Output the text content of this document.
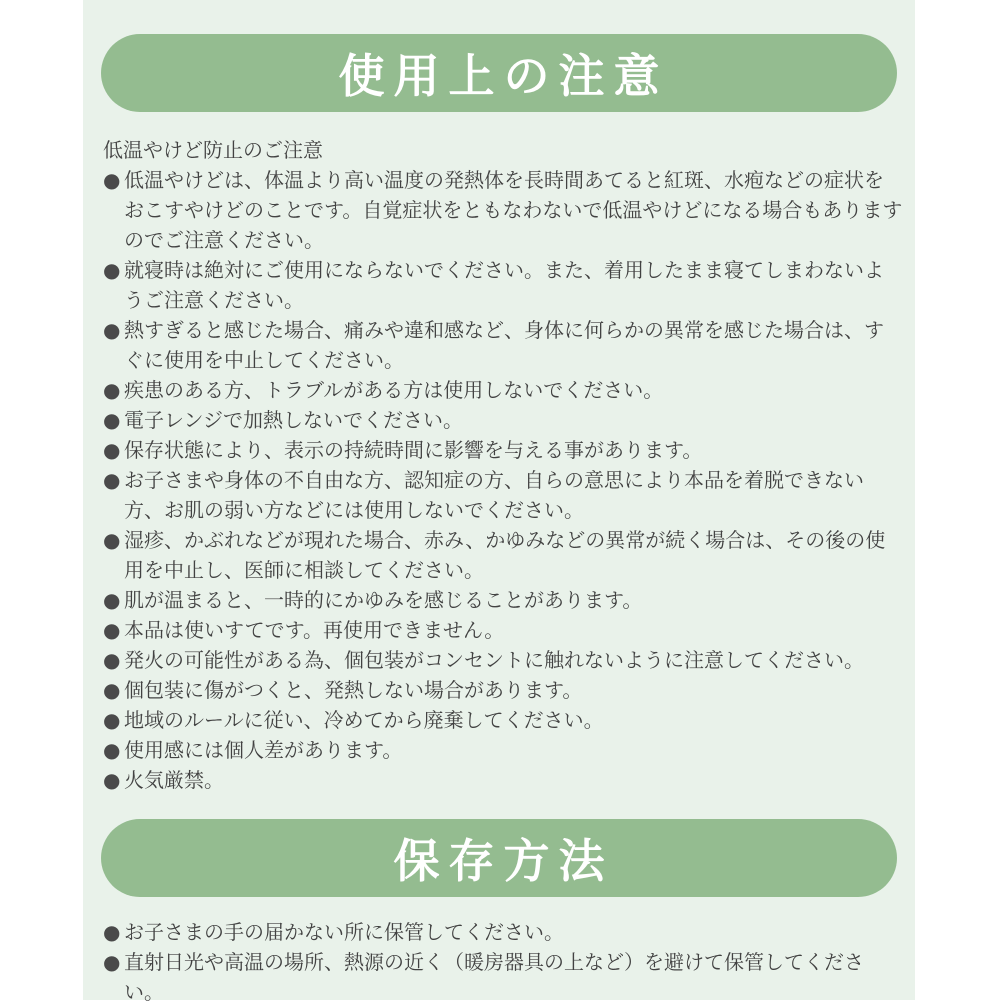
使用上の注意
低温やけど防止のご注意
● 低温やけどは、体温より高い温度の発熱体を長時間あてると紅斑、水疱などの症状をおこすやけどのことです。自覚症状をともなわないで低温やけどになる場合もありますのでご注意ください。
● 就寝時は絶対にご使用にならないでください。また、着用したまま寝てしまわないようご注意ください。
● 熱すぎると感じた場合、痛みや違和感など、身体に何らかの異常を感じた場合は、すぐに使用を中止してください。
● 疾患のある方、トラブルがある方は使用しないでください。
● 電子レンジで加熱しないでください。
● 保存状態により、表示の持続時間に影響を与える事があります。
● お子さまや身体の不自由な方、認知症の方、自らの意思により本品を着脱できない方、お肌の弱い方などには使用しないでください。
● 湿疹、かぶれなどが現れた場合、赤み、かゆみなどの異常が続く場合は、その後の使用を中止し、医師に相談してください。
● 肌が温まると、一時的にかゆみを感じることがあります。
● 本品は使いすてです。再使用できません。
● 発火の可能性がある為、個包装がコンセントに触れないように注意してください。
● 個包装に傷がつくと、発熱しない場合があります。
● 地域のルールに従い、冷めてから廃棄してください。
● 使用感には個人差があります。
● 火気厳禁。
保存方法
● お子さまの手の届かない所に保管してください。
● 直射日光や高温の場所、熱源の近く（暖房器具の上など）を避けて保管してください。
